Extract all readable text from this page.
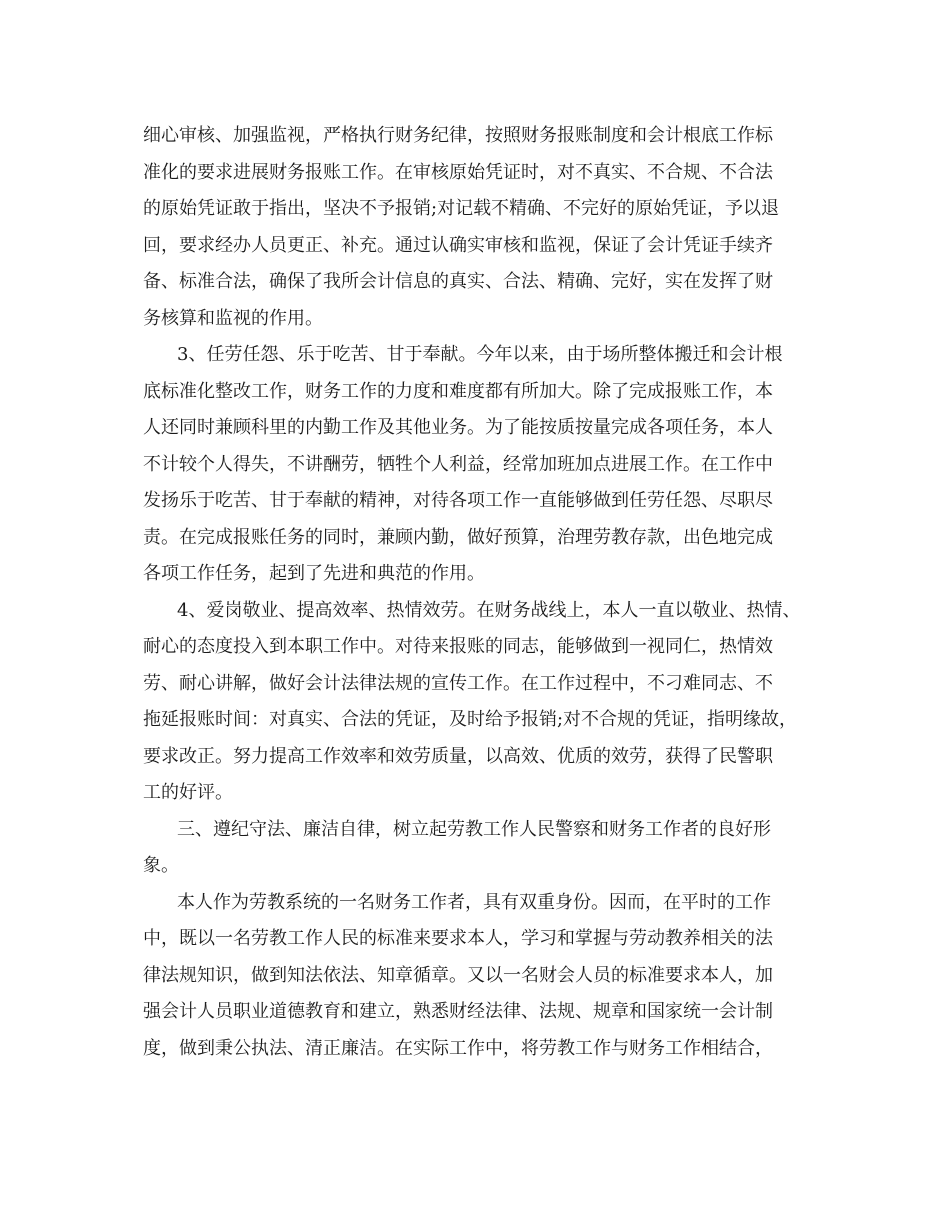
细心审核、加强监视，严格执行财务纪律，按照财务报账制度和会计根底工作标
准化的要求进展财务报账工作。在审核原始凭证时，对不真实、不合规、不合法
的原始凭证敢于指出，坚决不予报销;对记载不精确、不完好的原始凭证，予以退
回，要求经办人员更正、补充。通过认确实审核和监视，保证了会计凭证手续齐
备、标准合法，确保了我所会计信息的真实、合法、精确、完好，实在发挥了财
务核算和监视的作用。
3、任劳任怨、乐于吃苦、甘于奉献。今年以来，由于场所整体搬迁和会计根
底标准化整改工作，财务工作的力度和难度都有所加大。除了完成报账工作，本
人还同时兼顾科里的内勤工作及其他业务。为了能按质按量完成各项任务，本人
不计较个人得失，不讲酬劳，牺牲个人利益，经常加班加点进展工作。在工作中
发扬乐于吃苦、甘于奉献的精神，对待各项工作一直能够做到任劳任怨、尽职尽
责。在完成报账任务的同时，兼顾内勤，做好预算，治理劳教存款，出色地完成
各项工作任务，起到了先进和典范的作用。
4、爱岗敬业、提高效率、热情效劳。在财务战线上，本人一直以敬业、热情、
耐心的态度投入到本职工作中。对待来报账的同志，能够做到一视同仁，热情效
劳、耐心讲解，做好会计法律法规的宣传工作。在工作过程中，不刁难同志、不
拖延报账时间：对真实、合法的凭证，及时给予报销;对不合规的凭证，指明缘故，
要求改正。努力提高工作效率和效劳质量，以高效、优质的效劳，获得了民警职
工的好评。
三、遵纪守法、廉洁自律，树立起劳教工作人民警察和财务工作者的良好形
象。
本人作为劳教系统的一名财务工作者，具有双重身份。因而，在平时的工作
中，既以一名劳教工作人民的标准来要求本人，学习和掌握与劳动教养相关的法
律法规知识，做到知法依法、知章循章。又以一名财会人员的标准要求本人，加
强会计人员职业道德教育和建立，熟悉财经法律、法规、规章和国家统一会计制
度，做到秉公执法、清正廉洁。在实际工作中，将劳教工作与财务工作相结合，
